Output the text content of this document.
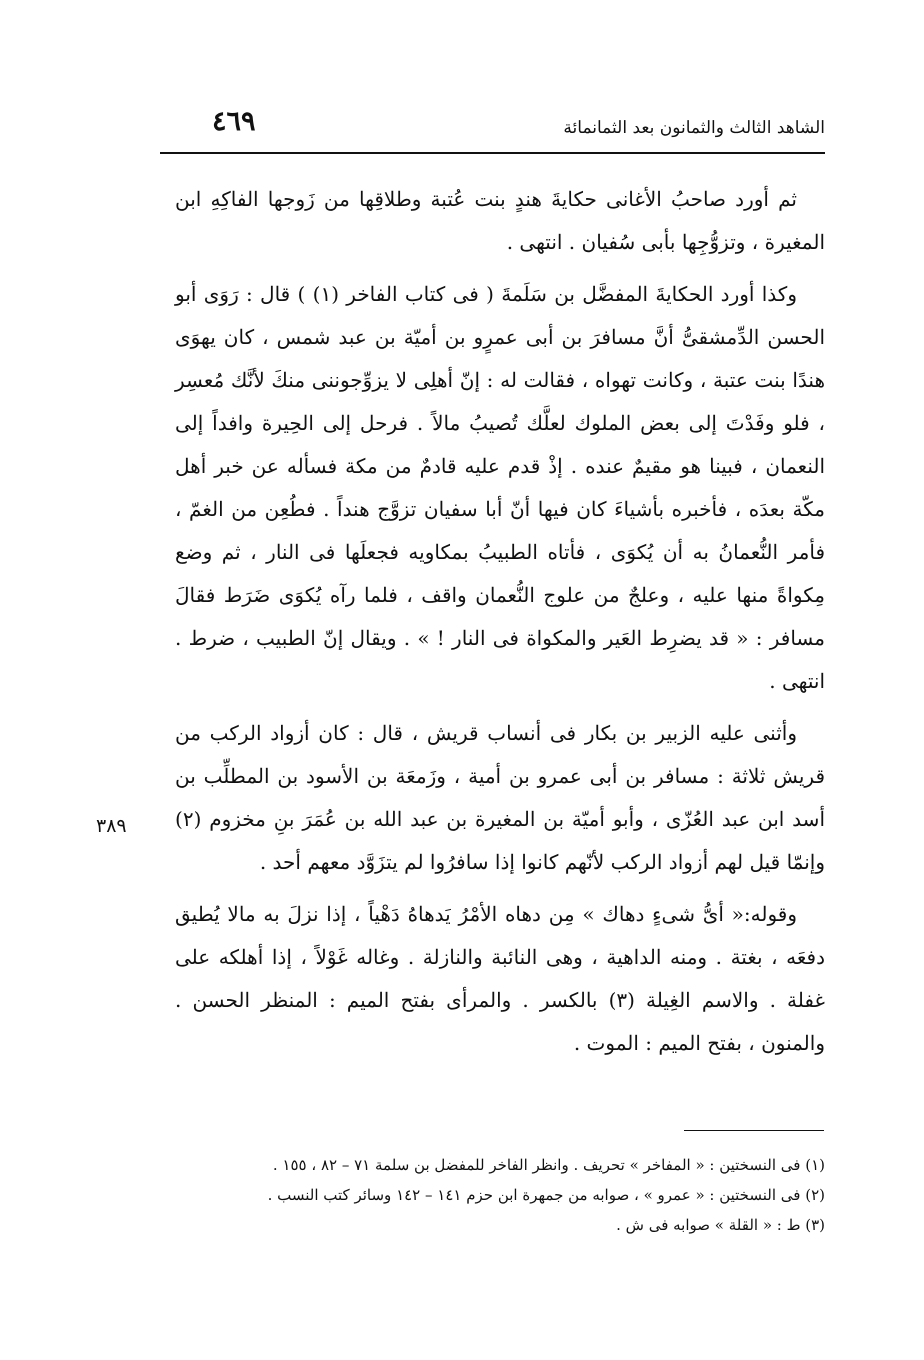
الشاهد الثالث والثمانون بعد الثمانمائة
٤٦٩

ثم أورد صاحبُ الأغانى حكايةَ هندٍ بنت عُتبة وطلاقِها من زَوجها الفاكِهِ ابن المغيرة ، وتزوُّجِها بأبى سُفيان . انتهى .

وكذا أورد الحكايةَ المفضَّل بن سَلَمةَ ( فى كتاب الفاخر (١) ) قال : رَوَى أبو الحسن الدِّمشقىُّ أنَّ مسافرَ بن أبى عمرٍو بن أميّة بن عبد شمس ، كان يهوَى هندًا بنت عتبة ، وكانت تهواه ، فقالت له : إنّ أهلِى لا يزوِّجوننى منكَ لأنَّك مُعسِر ، فلو وفَدْتَ إلى بعض الملوك لعلَّك تُصيبُ مالاً . فرحل إلى الحِيرة وافداً إلى النعمان ، فبينا هو مقيمٌ عنده . إذْ قدم عليه قادمٌ من مكة فسأله عن خبر أهل مكّة بعدَه ، فأخبره بأشياءَ كان فيها أنّ أبا سفيان تزوَّج هنداً . فطُعِن من الغمّ ، فأمر النُّعمانُ به أن يُكوَى ، فأتاه الطبيبُ بمكاويه فجعلَها فى النار ، ثم وضع مِكواةً منها عليه ، وعلجٌ من علوج النُّعمان واقف ، فلما رآه يُكوَى ضَرَط فقالَ مسافر : « قد يضرِط العَير والمكواة فى النار ! » . ويقال إنّ الطبيب ، ضرط . انتهى .

وأثنى عليه الزبير بن بكار فى أنساب قريش ، قال : كان أزواد الركب من قريش ثلاثة : مسافر بن أبى عمرو بن أمية ، وزَمعَة بن الأسود بن المطلِّب بن أسد ابن عبد العُزّى ، وأبو أميّة بن المغيرة بن عبد الله بن عُمَرَ بنِ مخزوم (٢) وإنمّا قيل لهم أزواد الركب لأنّهم كانوا إذا سافرُوا لم يتزَوَّد معهم أحد .

وقوله:« أىُّ شىءٍ دهاك » مِن دهاه الأمْرُ يَدهاهُ دَهْياً ، إذا نزلَ به مالا يُطيق دفعَه ، بغتة . ومنه الداهية ، وهى النائبة والنازلة . وغاله غَوْلاً ، إذا أهلكه على غفلة . والاسم الغِيلة (٣) بالكسر . والمرأى بفتح الميم : المنظر الحسن . والمنون ، بفتح الميم : الموت .

٣٨٩

(١) فى النسختين : « المفاخر » تحريف . وانظر الفاخر للمفضل بن سلمة ٧١ – ٨٢ ، ١٥٥ .

(٢) فى النسختين : « عمرو » ، صوابه من جمهرة ابن حزم ١٤١ – ١٤٢ وسائر كتب النسب .

(٣) ط : « القلة » صوابه فى ش .
